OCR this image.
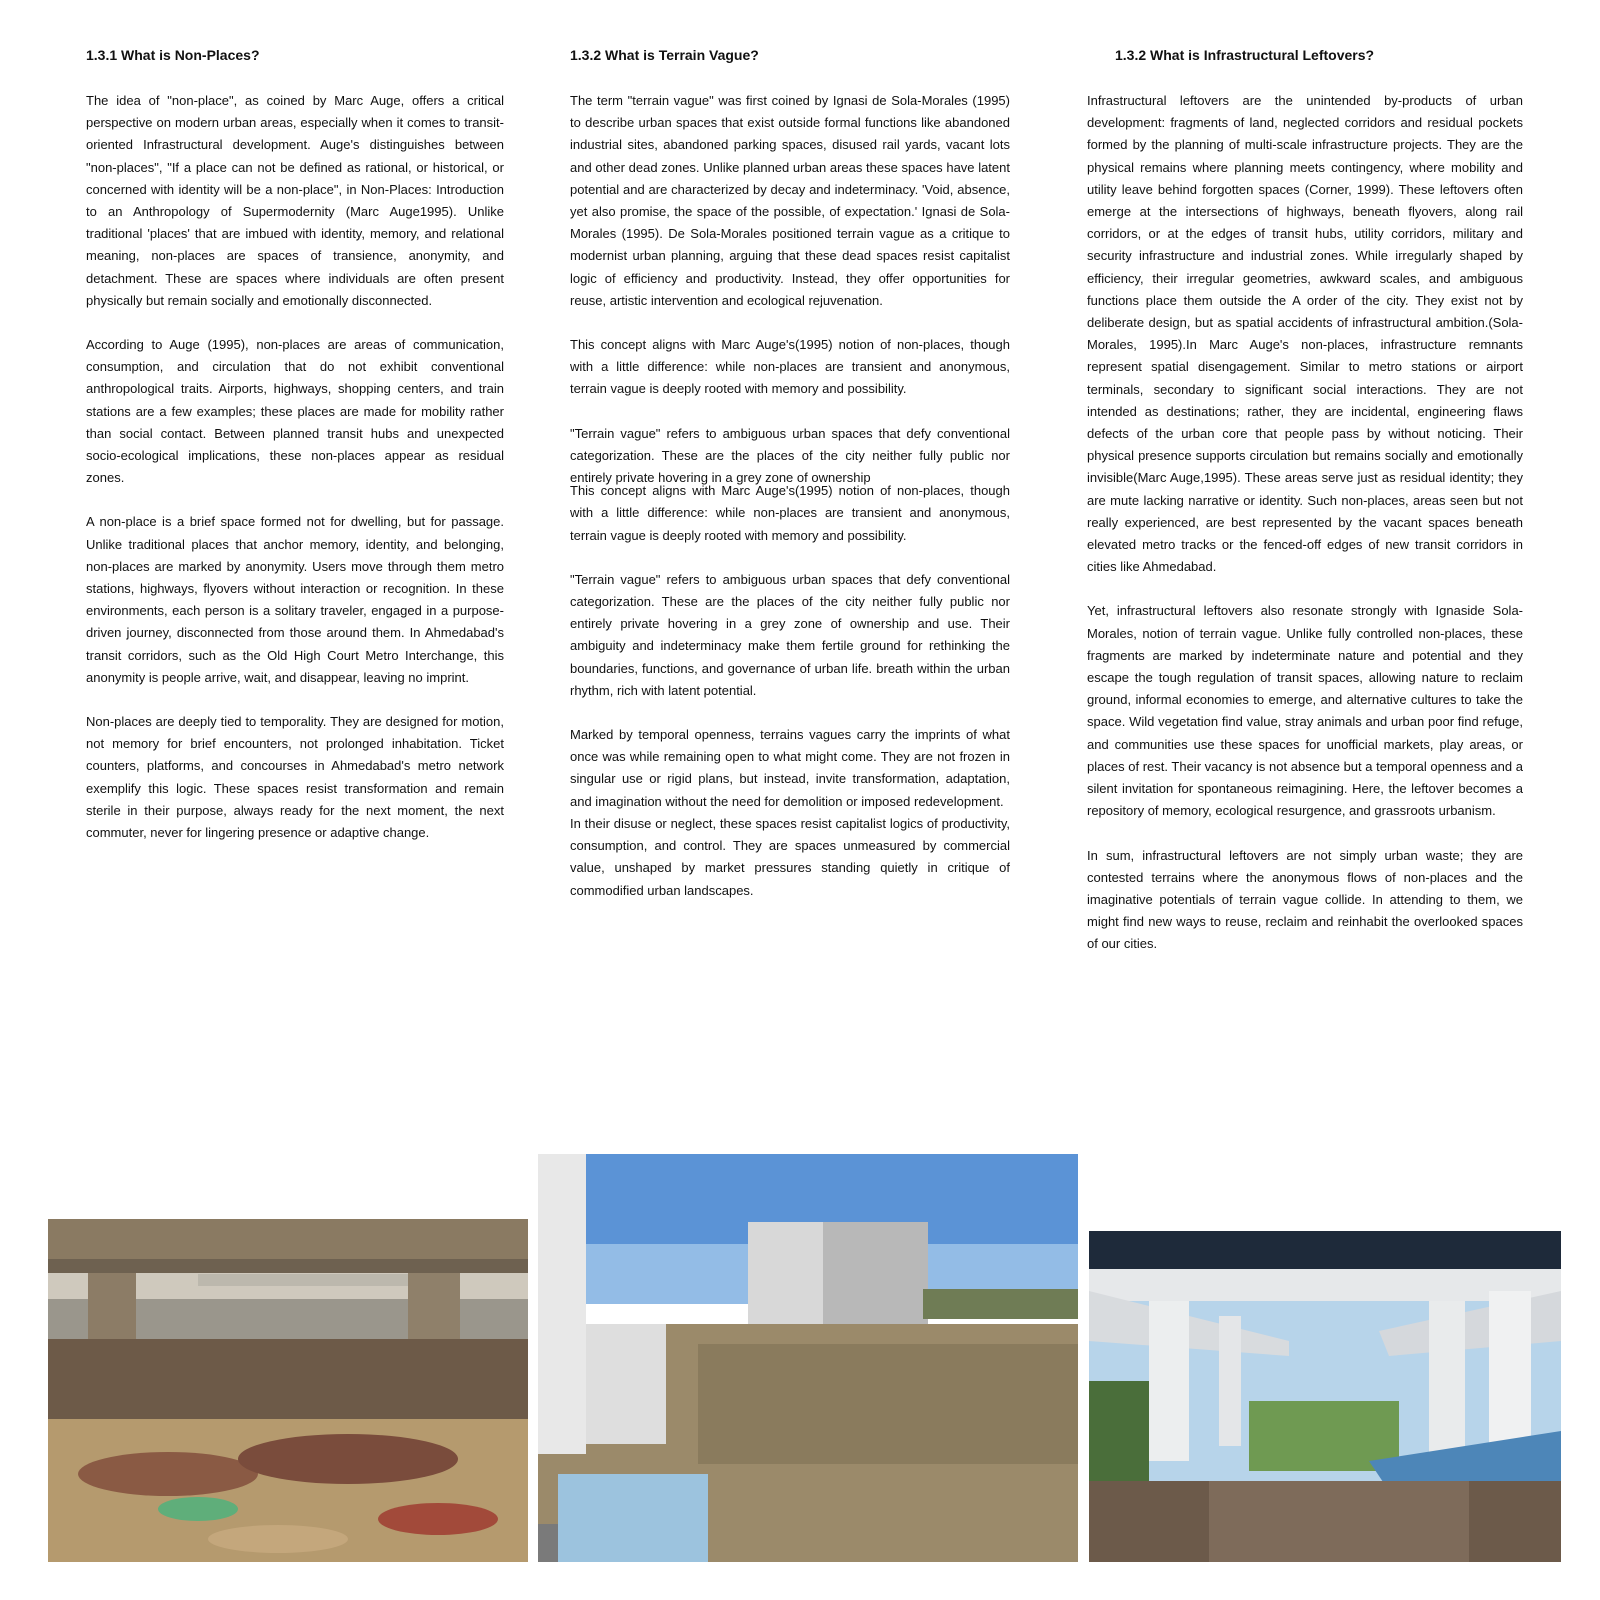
1.3.1 What is Non-Places?

The idea of "non-place", as coined by Marc Auge, offers a critical perspective on modern urban areas, especially when it comes to transit-oriented Infrastructural development. Auge's distinguishes between "non-places", "If a place can not be defined as rational, or historical, or concerned with identity will be a non-place", in Non-Places: Introduction to an Anthropology of Supermodernity (Marc Auge1995). Unlike traditional 'places' that are imbued with identity, memory, and relational meaning, non-places are spaces of transience, anonymity, and detachment. These are spaces where individuals are often present physically but remain socially and emotionally disconnected.

According to Auge (1995), non-places are areas of communication, consumption, and circulation that do not exhibit conventional anthropological traits. Airports, highways, shopping centers, and train stations are a few examples; these places are made for mobility rather than social contact. Between planned transit hubs and unexpected socio-ecological implications, these non-places appear as residual zones.

A non-place is a brief space formed not for dwelling, but for passage. Unlike traditional places that anchor memory, identity, and belonging, non-places are marked by anonymity. Users move through them metro stations, highways, flyovers without interaction or recognition. In these environments, each person is a solitary traveler, engaged in a purpose-driven journey, disconnected from those around them. In Ahmedabad's transit corridors, such as the Old High Court Metro Interchange, this anonymity is people arrive, wait, and disappear, leaving no imprint.

Non-places are deeply tied to temporality. They are designed for motion, not memory for brief encounters, not prolonged inhabitation. Ticket counters, platforms, and concourses in Ahmedabad's metro network exemplify this logic. These spaces resist transformation and remain sterile in their purpose, always ready for the next moment, the next commuter, never for lingering presence or adaptive change.

1.3.2 What is Terrain Vague?

The term "terrain vague" was first coined by Ignasi de Sola-Morales (1995) to describe urban spaces that exist outside formal functions like abandoned industrial sites, abandoned parking spaces, disused rail yards, vacant lots and other dead zones. Unlike planned urban areas these spaces have latent potential and are characterized by decay and indeterminacy. 'Void, absence, yet also promise, the space of the possible, of expectation.' Ignasi de Sola-Morales (1995). De Sola-Morales positioned terrain vague as a critique to modernist urban planning, arguing that these dead spaces resist capitalist logic of efficiency and productivity. Instead, they offer opportunities for reuse, artistic intervention and ecological rejuvenation.

This concept aligns with Marc Auge's(1995) notion of non-places, though with a little difference: while non-places are transient and anonymous, terrain vague is deeply rooted with memory and possibility.

"Terrain vague" refers to ambiguous urban spaces that defy conventional categorization. These are the places of the city neither fully public nor entirely private hovering in a grey zone of ownership

This concept aligns with Marc Auge's(1995) notion of non-places, though with a little difference: while non-places are transient and anonymous, terrain vague is deeply rooted with memory and possibility.

"Terrain vague" refers to ambiguous urban spaces that defy conventional categorization. These are the places of the city neither fully public nor entirely private hovering in a grey zone of ownership and use. Their ambiguity and indeterminacy make them fertile ground for rethinking the boundaries, functions, and governance of urban life. breath within the urban rhythm, rich with latent potential.

Marked by temporal openness, terrains vagues carry the imprints of what once was while remaining open to what might come. They are not frozen in singular use or rigid plans, but instead, invite transformation, adaptation, and imagination without the need for demolition or imposed redevelopment.

In their disuse or neglect, these spaces resist capitalist logics of productivity, consumption, and control. They are spaces unmeasured by commercial value, unshaped by market pressures standing quietly in critique of commodified urban landscapes.

1.3.2 What is Infrastructural Leftovers?

Infrastructural leftovers are the unintended by-products of urban development: fragments of land, neglected corridors and residual pockets formed by the planning of multi-scale infrastructure projects. They are the physical remains where planning meets contingency, where mobility and utility leave behind forgotten spaces (Corner, 1999). These leftovers often emerge at the intersections of highways, beneath flyovers, along rail corridors, or at the edges of transit hubs, utility corridors, military and security infrastructure and industrial zones. While irregularly shaped by efficiency, their irregular geometries, awkward scales, and ambiguous functions place them outside the A order of the city. They exist not by deliberate design, but as spatial accidents of infrastructural ambition.(Sola-Morales, 1995).In Marc Auge's non-places, infrastructure remnants represent spatial disengagement. Similar to metro stations or airport terminals, secondary to significant social interactions. They are not intended as destinations; rather, they are incidental, engineering flaws defects of the urban core that people pass by without noticing. Their physical presence supports circulation but remains socially and emotionally invisible(Marc Auge,1995). These areas serve just as residual identity; they are mute lacking narrative or identity. Such non-places, areas seen but not really experienced, are best represented by the vacant spaces beneath elevated metro tracks or the fenced-off edges of new transit corridors in cities like Ahmedabad.

Yet, infrastructural leftovers also resonate strongly with Ignaside Sola-Morales, notion of terrain vague. Unlike fully controlled non-places, these fragments are marked by indeterminate nature and potential and they escape the tough regulation of transit spaces, allowing nature to reclaim ground, informal economies to emerge, and alternative cultures to take the space. Wild vegetation find value, stray animals and urban poor find refuge, and communities use these spaces for unofficial markets, play areas, or places of rest. Their vacancy is not absence but a temporal openness and a silent invitation for spontaneous reimagining. Here, the leftover becomes a repository of memory, ecological resurgence, and grassroots urbanism.

In sum, infrastructural leftovers are not simply urban waste; they are contested terrains where the anonymous flows of non-places and the imaginative potentials of terrain vague collide. In attending to them, we might find new ways to reuse, reclaim and reinhabit the overlooked spaces of our cities.
